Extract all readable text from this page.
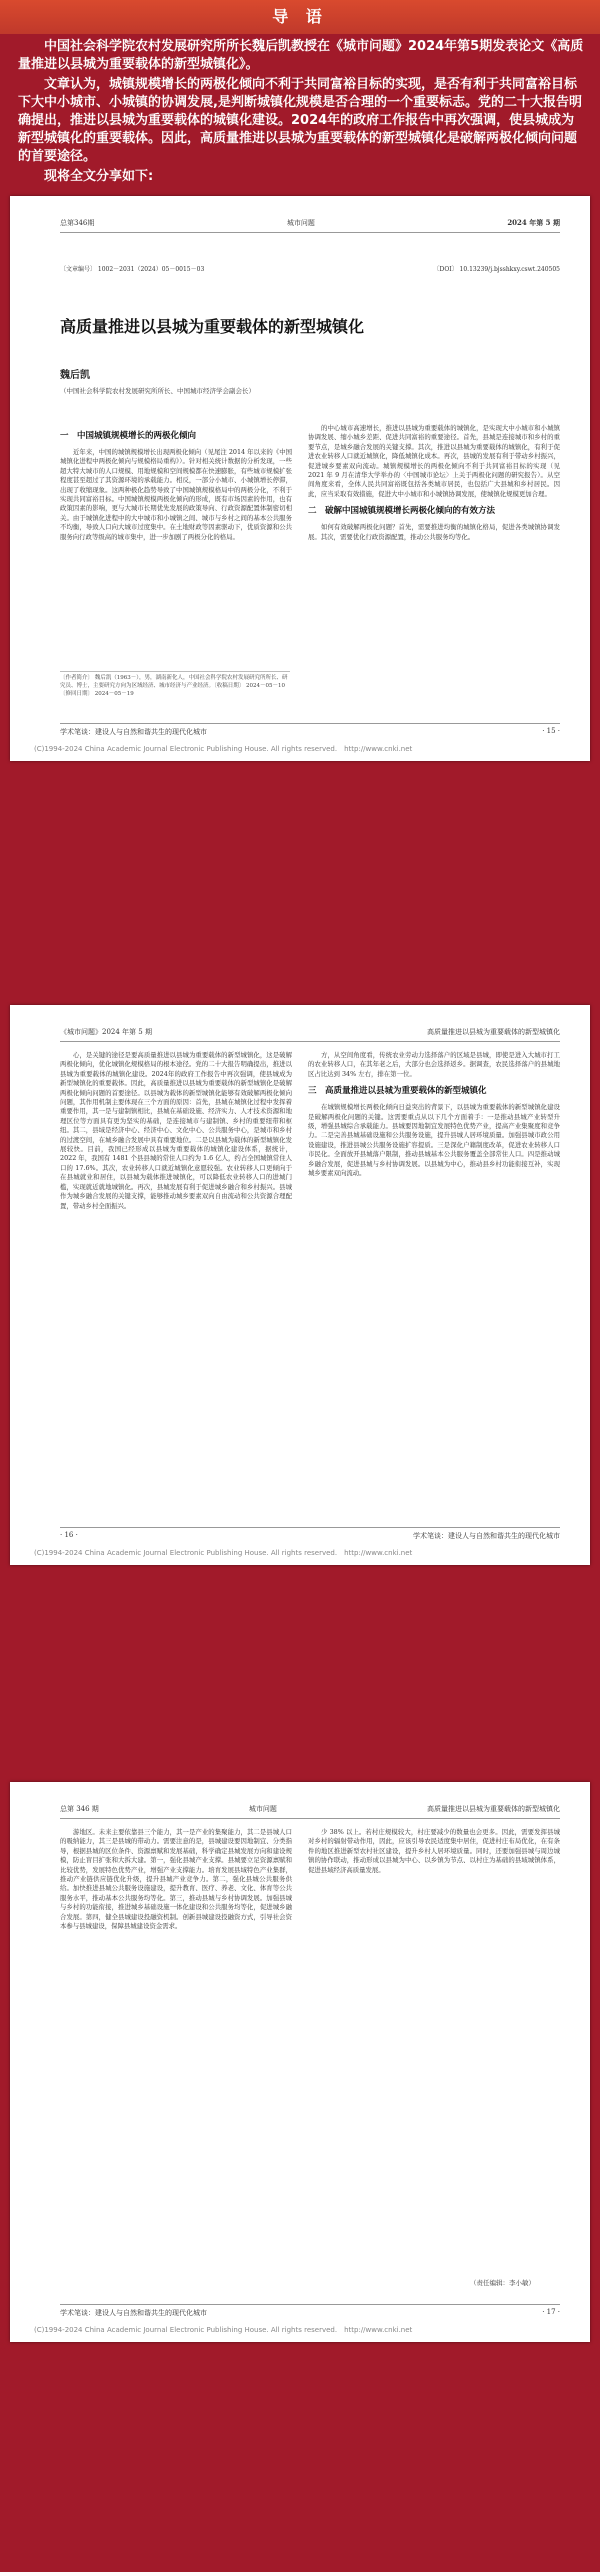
导 语

中国社会科学院农村发展研究所所长魏后凯教授在《城市问题》2024年第5期发表论文《高质量推进以县城为重要载体的新型城镇化》。

文章认为，城镇规模增长的两极化倾向不利于共同富裕目标的实现，是否有利于共同富裕目标下大中小城市、小城镇的协调发展,是判断城镇化规模是否合理的一个重要标志。党的二十大报告明确提出，推进以县城为重要载体的城镇化建设。2024年的政府工作报告中再次强调，使县城成为新型城镇化的重要载体。因此，高质量推进以县城为重要载体的新型城镇化是破解两极化倾向问题的首要途径。

现将全文分享如下:

总第346期	城市问题	2024 年第 5 期
〔文章编号〕 1002－2031（2024）05－0015－03	〔DOI〕 10.13239/j.bjsshkxy.cswt.240505
高质量推进以县城为重要载体的新型城镇化
魏后凯
（中国社会科学院农村发展研究所所长、中国城市经济学会副会长）
一　中国城镇规模增长的两极化倾向

近年来，中国的城镇规模增长出现两极化倾向（见尾注 2014 年以来的《中国城镇化进程中两极化倾向与规模格局重构》）。针对相关统计数据的分析发现，一些超大特大城市的人口规模、用地规模和空间规模都在快速膨胀，有些城市规模扩张程度甚至超过了其资源环境的承载能力。相反，一部分小城市、小城镇增长停滞，出现了收缩现象。这两种极化趋势导致了中国城镇规模格局中的两极分化，不利于实现共同富裕目标。中国城镇规模两极化倾向的形成，既有市场因素的作用，也有政策因素的影响，更与大城市长期优先发展的政策导向、行政资源配置体制密切相关。由于城镇化进程中的大中城市和小城镇之间、城市与乡村之间的基本公共服务不均衡，导致人口向大城市过度集中。在土地财政等因素驱动下，优质资源和公共服务向行政等级高的城市集中，进一步加剧了两极分化的格局。

〔作者简介〕 魏后凯（1963－），男，湖南新化人，中国社会科学院农村发展研究所所长、研究员、博士，主要研究方向为区域经济、城市经济与产业经济。〔收稿日期〕 2024－05－10 〔修回日期〕 2024－05－19

的中心城市高速增长，推进以县城为重要载体的城镇化，是实现大中小城市和小城镇协调发展、缩小城乡差距、促进共同富裕的重要途径。首先，县城是连接城市和乡村的重要节点，是城乡融合发展的关键支撑。其次，推进以县城为重要载体的城镇化，有利于促进农业转移人口就近城镇化，降低城镇化成本。再次，县城的发展有利于带动乡村振兴，促进城乡要素双向流动。城镇规模增长的两极化倾向不利于共同富裕目标的实现（见 2021 年 9 月在清华大学举办的〈中国城市论坛〉上关于两极化问题的研究报告）。从空间角度来看，全体人民共同富裕既包括各类城市居民，也包括广大县城和乡村居民。因此，应当采取有效措施，促进大中小城市和小城镇协调发展，使城镇化规模更加合理。

二　破解中国城镇规模增长两极化倾向的有效方法

如何有效破解两极化问题？首先，需要推进均衡的城镇化格局，促进各类城镇协调发展。其次，需要优化行政资源配置，推动公共服务均等化。

学术笔谈：建设人与自然和谐共生的现代化城市	· 15 ·
(C)1994-2024 China Academic Journal Electronic Publishing House. All rights reserved.　http://www.cnki.net
《城市问题》2024 年第 5 期	高质量推进以县城为重要载体的新型城镇化

心，是关键的途径是要高质量推进以县城为重要载体的新型城镇化，这是破解两极化倾向，优化城镇化规模格局的根本途径。党的二十大报告明确提出，推进以县城为重要载体的城镇化建设。2024年的政府工作报告中再次强调，使县城成为新型城镇化的重要载体。因此，高质量推进以县城为重要载体的新型城镇化是破解两极化倾向问题的首要途径。以县城为载体的新型城镇化能够有效破解两极化倾向问题，其作用机制主要体现在三个方面的原因：首先，县城在城镇化过程中发挥着重要作用，其一是与建制镇相比，县城在基础设施、经济实力、人才技术资源和地理区位等方面具有更为坚实的基础，是连接城市与建制镇、乡村的重要纽带和枢纽。其二，县域是经济中心、经济中心、文化中心、公共服务中心，是城市和乡村的过渡空间，在城乡融合发展中具有重要地位。二是以县城为载体的新型城镇化发展较快。目前，我国已经形成以县城为重要载体的城镇化建设体系，据统计，2022 年，我国有 1481 个县县城的常住人口约为 1.6 亿人，约占全国城镇常住人口的 17.6%。其次，农业转移人口就近城镇化意愿较强。农业转移人口更倾向于在县城就业和居住，以县城为载体推进城镇化，可以降低农业转移人口的进城门槛，实现就近就地城镇化。再次，县城发展有利于促进城乡融合和乡村振兴。县城作为城乡融合发展的关键支撑，能够推动城乡要素双向自由流动和公共资源合理配置，带动乡村全面振兴。

方，从空间角度看，传统农业劳动力选择落户的区域是县城，即使是进入大城市打工的农业转移人口，在其年老之后，大部分也会选择返乡。据调查，农民选择落户的县城地区占比达到 34% 左右，排在第一位。

三　高质量推进以县城为重要载体的新型城镇化

在城镇规模增长两极化倾向日益突出的背景下，以县城为重要载体的新型城镇化建设是破解两极化问题的关键。这需要重点从以下几个方面着手：一是推动县城产业转型升级，增强县城综合承载能力。县城要因地制宜发展特色优势产业，提高产业集聚度和竞争力。二是完善县城基础设施和公共服务设施，提升县城人居环境质量。加强县城市政公用设施建设，推进县城公共服务设施扩容提质。三是深化户籍制度改革，促进农业转移人口市民化。全面放开县城落户限制，推动县城基本公共服务覆盖全部常住人口。四是推动城乡融合发展，促进县城与乡村协调发展。以县城为中心，推动县乡村功能衔接互补，实现城乡要素双向流动。

· 16 ·	学术笔谈：建设人与自然和谐共生的现代化城市
(C)1994-2024 China Academic Journal Electronic Publishing House. All rights reserved.　http://www.cnki.net
总第 346 期	城市问题	高质量推进以县城为重要载体的新型城镇化

游地区。未来主要依靠县三个能力，其一是产业的集聚能力，其二是县城人口的吸纳能力，其三是县城的带动力。需要注意的是，县城建设要因地制宜、分类指导，根据县城的区位条件、资源禀赋和发展基础，科学确定县城发展方向和建设规模，防止盲目扩张和大拆大建。第一，强化县城产业支撑。县城要立足资源禀赋和比较优势，发展特色优势产业，增强产业支撑能力。培育发展县域特色产业集群，推动产业链供应链优化升级，提升县城产业竞争力。第二，强化县城公共服务供给。加快推进县城公共服务设施建设，提升教育、医疗、养老、文化、体育等公共服务水平，推动基本公共服务均等化。第三，推动县城与乡村协调发展。加强县城与乡村的功能衔接，推进城乡基础设施一体化建设和公共服务均等化，促进城乡融合发展。第四，健全县城建设投融资机制。创新县城建设投融资方式，引导社会资本参与县城建设，保障县城建设资金需求。

少 38% 以上。若村庄规模较大，村庄要减少的数量也会更多。因此，需要发挥县城对乡村的辐射带动作用，因此，应该引导农民适度集中居住，促进村庄布局优化，在有条件的地区推进新型农村社区建设，提升乡村人居环境质量。同时，还要加强县城与周边城镇的协作联动，推动形成以县城为中心、以乡镇为节点、以村庄为基础的县域城镇体系，促进县域经济高质量发展。

（责任编辑：李小敏）
学术笔谈：建设人与自然和谐共生的现代化城市	· 17 ·
(C)1994-2024 China Academic Journal Electronic Publishing House. All rights reserved.　http://www.cnki.net
